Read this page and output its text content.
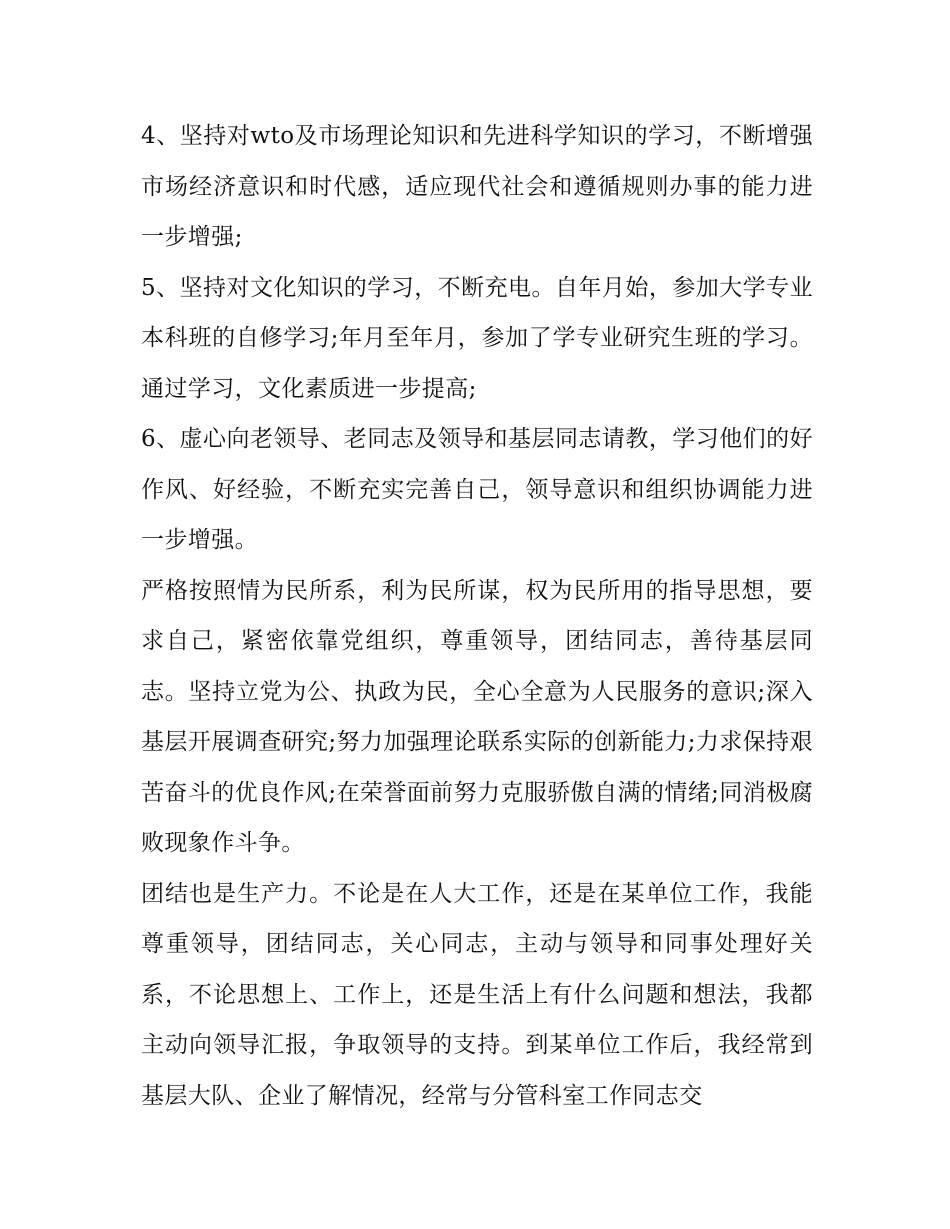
4、坚持对wto及市场理论知识和先进科学知识的学习，不断增强市场经济意识和时代感，适应现代社会和遵循规则办事的能力进一步增强;

5、坚持对文化知识的学习，不断充电。自年月始，参加大学专业本科班的自修学习;年月至年月，参加了学专业研究生班的学习。通过学习，文化素质进一步提高;

6、虚心向老领导、老同志及领导和基层同志请教，学习他们的好作风、好经验，不断充实完善自己，领导意识和组织协调能力进一步增强。

严格按照情为民所系，利为民所谋，权为民所用的指导思想，要求自己，紧密依靠党组织，尊重领导，团结同志，善待基层同志。坚持立党为公、执政为民，全心全意为人民服务的意识;深入基层开展调查研究;努力加强理论联系实际的创新能力;力求保持艰苦奋斗的优良作风;在荣誉面前努力克服骄傲自满的情绪;同消极腐败现象作斗争。

团结也是生产力。不论是在人大工作，还是在某单位工作，我能尊重领导，团结同志，关心同志，主动与领导和同事处理好关系，不论思想上、工作上，还是生活上有什么问题和想法，我都主动向领导汇报，争取领导的支持。到某单位工作后，我经常到基层大队、企业了解情况，经常与分管科室工作同志交
